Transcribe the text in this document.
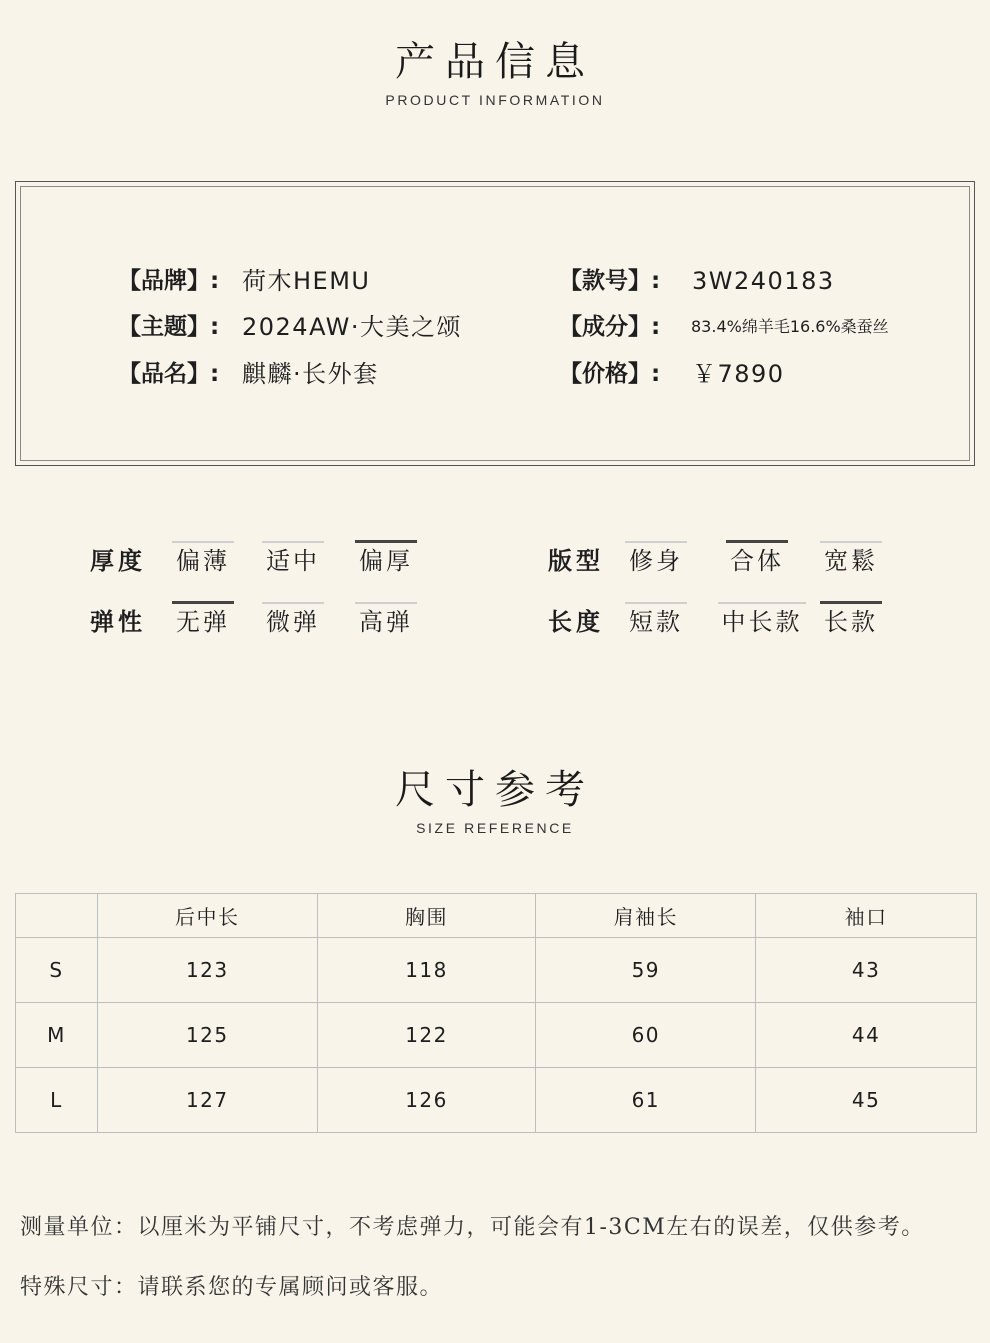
产品信息
PRODUCT INFORMATION
【品牌】: 荷木HEMU	【款号】: 3W240183
【主题】: 2024AW·大美之颂	【成分】: 83.4%绵羊毛16.6%桑蚕丝
【品名】: 麒麟·长外套	【价格】: ￥7890
厚度 偏薄 适中 偏厚	版型 修身 合体 宽鬆
弹性 无弹 微弹 高弹	长度 短款 中长款 长款
尺寸参考
SIZE REFERENCE
	后中长	胸围	肩袖长	袖口
S	123	118	59	43
M	125	122	60	44
L	127	126	61	45
测量单位：以厘米为平铺尺寸，不考虑弹力，可能会有1-3CM左右的误差，仅供参考。
特殊尺寸：请联系您的专属顾问或客服。
